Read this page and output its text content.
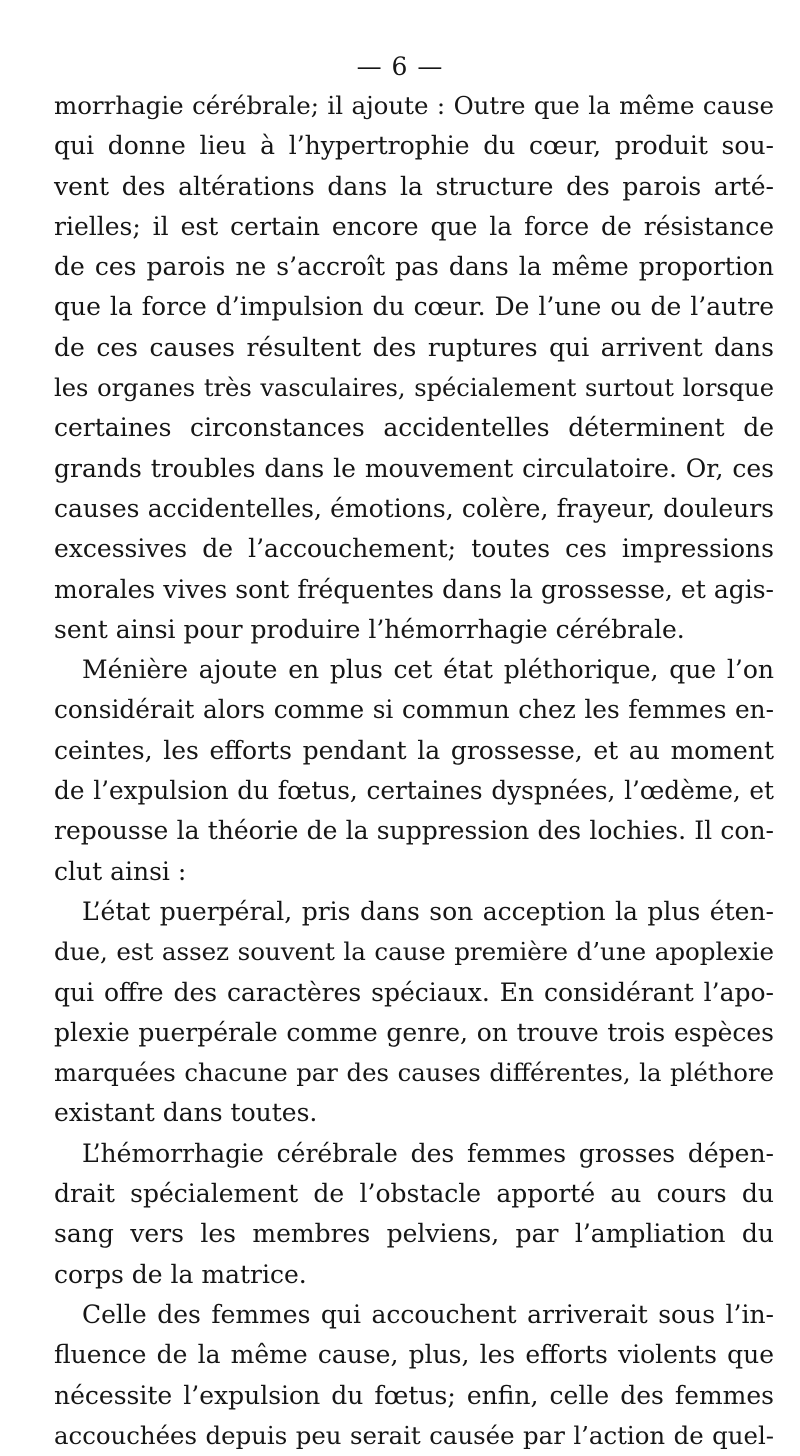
— 6 —
morrhagie cérébrale; il ajoute : Outre que la même cause
qui donne lieu à l’hypertrophie du cœur, produit sou-
vent des altérations dans la structure des parois arté-
rielles; il est certain encore que la force de résistance
de ces parois ne s’accroît pas dans la même proportion
que la force d’impulsion du cœur. De l’une ou de l’autre
de ces causes résultent des ruptures qui arrivent dans
les organes très vasculaires, spécialement surtout lorsque
certaines circonstances accidentelles déterminent de
grands troubles dans le mouvement circulatoire. Or, ces
causes accidentelles, émotions, colère, frayeur, douleurs
excessives de l’accouchement; toutes ces impressions
morales vives sont fréquentes dans la grossesse, et agis-
sent ainsi pour produire l’hémorrhagie cérébrale.
Ménière ajoute en plus cet état pléthorique, que l’on
considérait alors comme si commun chez les femmes en-
ceintes, les efforts pendant la grossesse, et au moment
de l’expulsion du fœtus, certaines dyspnées, l’œdème, et
repousse la théorie de la suppression des lochies. Il con-
clut ainsi :
L’état puerpéral, pris dans son acception la plus éten-
due, est assez souvent la cause première d’une apoplexie
qui offre des caractères spéciaux. En considérant l’apo-
plexie puerpérale comme genre, on trouve trois espèces
marquées chacune par des causes différentes, la pléthore
existant dans toutes.
L’hémorrhagie cérébrale des femmes grosses dépen-
drait spécialement de l’obstacle apporté au cours du
sang vers les membres pelviens, par l’ampliation du
corps de la matrice.
Celle des femmes qui accouchent arriverait sous l’in-
fluence de la même cause, plus, les efforts violents que
nécessite l’expulsion du fœtus; enfin, celle des femmes
accouchées depuis peu serait causée par l’action de quel-
